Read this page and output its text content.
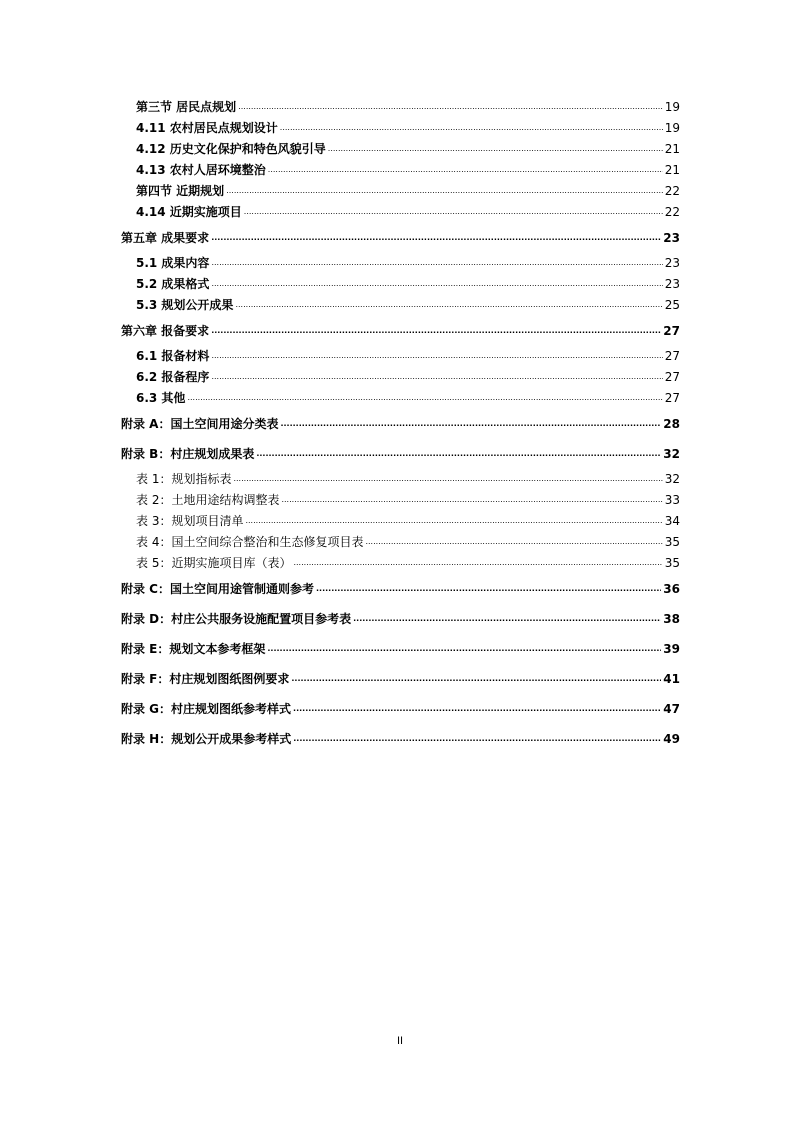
第三节 居民点规划 .....	19
4.11 农村居民点规划设计 .....	19
4.12 历史文化保护和特色风貌引导 .....	21
4.13 农村人居环境整治 .....	21
第四节 近期规划 .....	22
4.14 近期实施项目 .....	22
第五章 成果要求 .....	23
5.1 成果内容 .....	23
5.2 成果格式 .....	23
5.3 规划公开成果 .....	25
第六章 报备要求 .....	27
6.1 报备材料 .....	27
6.2 报备程序 .....	27
6.3 其他 .....	27
附录 A：国土空间用途分类表 .....	28
附录 B：村庄规划成果表 .....	32
表 1：规划指标表 .....	32
表 2：土地用途结构调整表 .....	33
表 3：规划项目清单 .....	34
表 4：国土空间综合整治和生态修复项目表 .....	35
表 5：近期实施项目库（表） .....	35
附录 C：国土空间用途管制通则参考 .....	36
附录 D：村庄公共服务设施配置项目参考表 .....	38
附录 E：规划文本参考框架 .....	39
附录 F：村庄规划图纸图例要求 .....	41
附录 G：村庄规划图纸参考样式 .....	47
附录 H：规划公开成果参考样式 .....	49
II
